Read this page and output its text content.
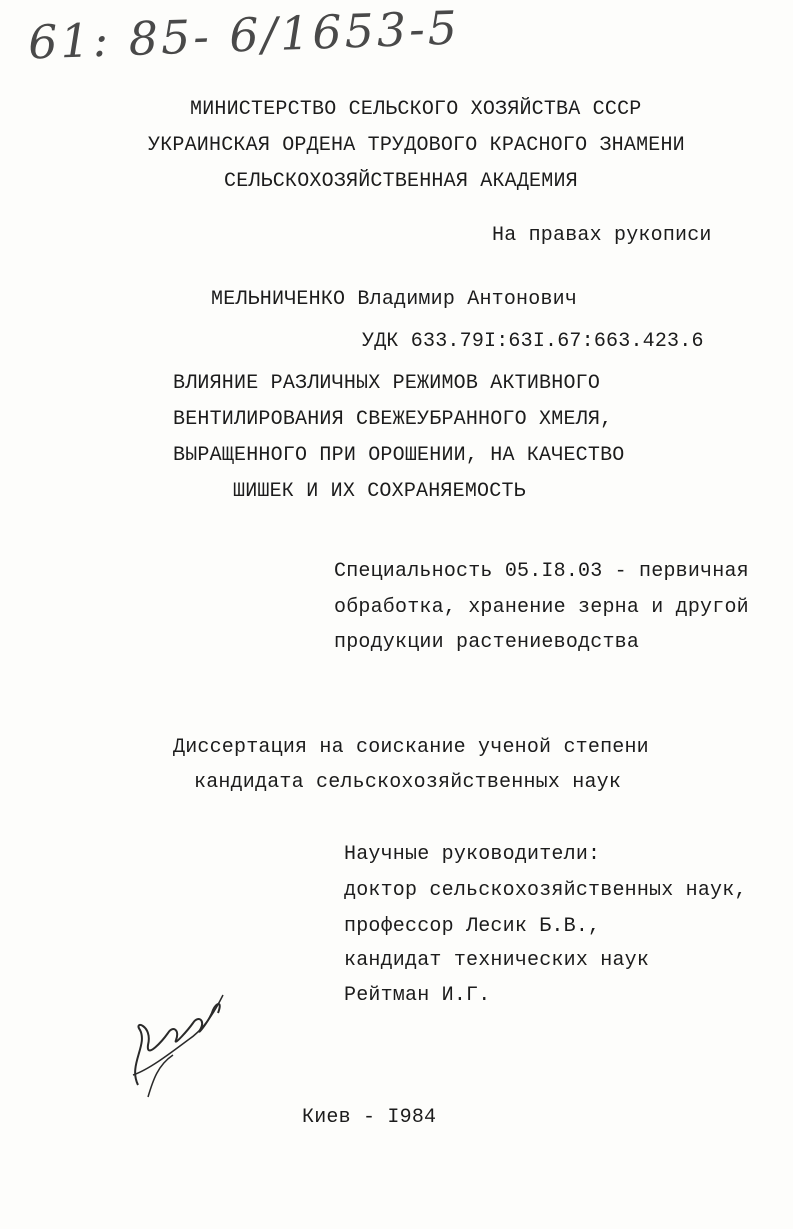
61: 85- 6/1653-5
МИНИСТЕРСТВО СЕЛЬСКОГО ХОЗЯЙСТВА СССР
УКРАИНСКАЯ ОРДЕНА ТРУДОВОГО КРАСНОГО ЗНАМЕНИ
СЕЛЬСКОХОЗЯЙСТВЕННАЯ АКАДЕМИЯ
На правах рукописи
МЕЛЬНИЧЕНКО Владимир Антонович
УДК 633.79I:63I.67:663.423.6
ВЛИЯНИЕ РАЗЛИЧНЫХ РЕЖИМОВ АКТИВНОГО
ВЕНТИЛИРОВАНИЯ СВЕЖЕУБРАННОГО ХМЕЛЯ,
ВЫРАЩЕННОГО ПРИ ОРОШЕНИИ, НА КАЧЕСТВО
ШИШЕК И ИХ СОХРАНЯЕМОСТЬ
Специальность 05.I8.03 - первичная
обработка, хранение зерна и другой
продукции растениеводства
Диссертация на соискание ученой степени
кандидата сельскохозяйственных наук
Научные руководители:
доктор сельскохозяйственных наук,
профессор Лесик Б.В.,
кандидат технических наук
Рейтман И.Г.
Киев - I984
